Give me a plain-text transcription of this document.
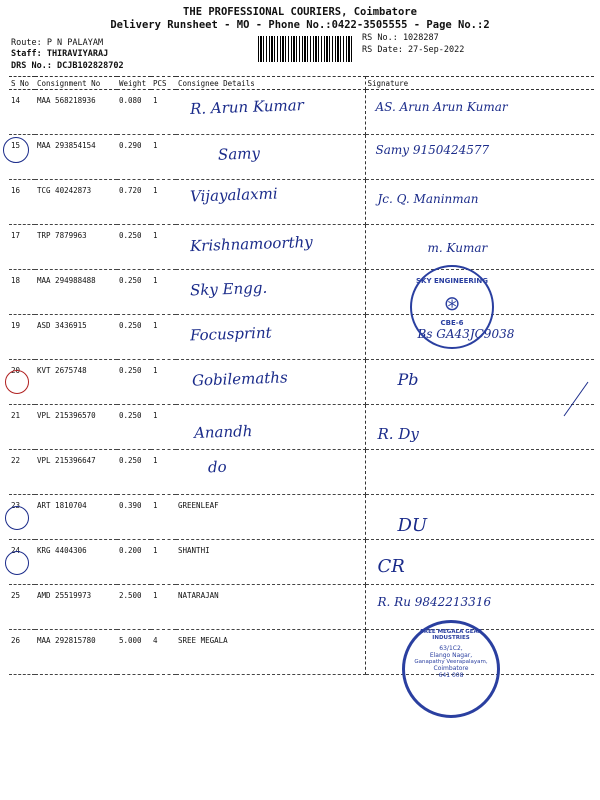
THE PROFESSIONAL COURIERS, Coimbatore
Delivery Runsheet - MO - Phone No.:0422-3505555 - Page No.:2
Route: P N PALAYAM
Staff: THIRAVIYARAJ
DRS No.: DCJB102828702
RS No.: 1028287
RS Date: 27-Sep-2022
S No	Consignment No	Weight	PCS	Consignee Details	Signature
14	MAA 568218936	0.080	1	R. Arun Kumar	AS. Arun Arun Kumar
15	MAA 293854154	0.290	1	Samy	Samy 9150424577
16	TCG 40242873	0.720	1	Vijayalaxmi	Jc. Q. Maninman
17	TRP 7879963	0.250	1	Krishnamoorthy	m. Kumar
18	MAA 294988488	0.250	1	Sky Engg.	
19	ASD 3436915	0.250	1	Focusprint	Bs GA43JC9038
20	KVT 2675748	0.250	1	Gobilemaths	Pb
21	VPL 215396570	0.250	1	Anandh	R. Dy
22	VPL 215396647	0.250	1	do	
23	ART 1810704	0.390	1	GREENLEAF	DU
24	KRG 4404306	0.200	1	SHANTHI	CR
25	AMD 25519973	2.500	1	NATARAJAN	R. Ru 9842213316
26	MAA 292815780	5.000	4	SREE MEGALA	
SKY ENGINEERING
⊛
CBE-6
SREE MEGALA GEAR INDUSTRIES
63/1C2,
Elango Nagar,
Ganapathy Veerapalayam,
Coimbatore
641 008
